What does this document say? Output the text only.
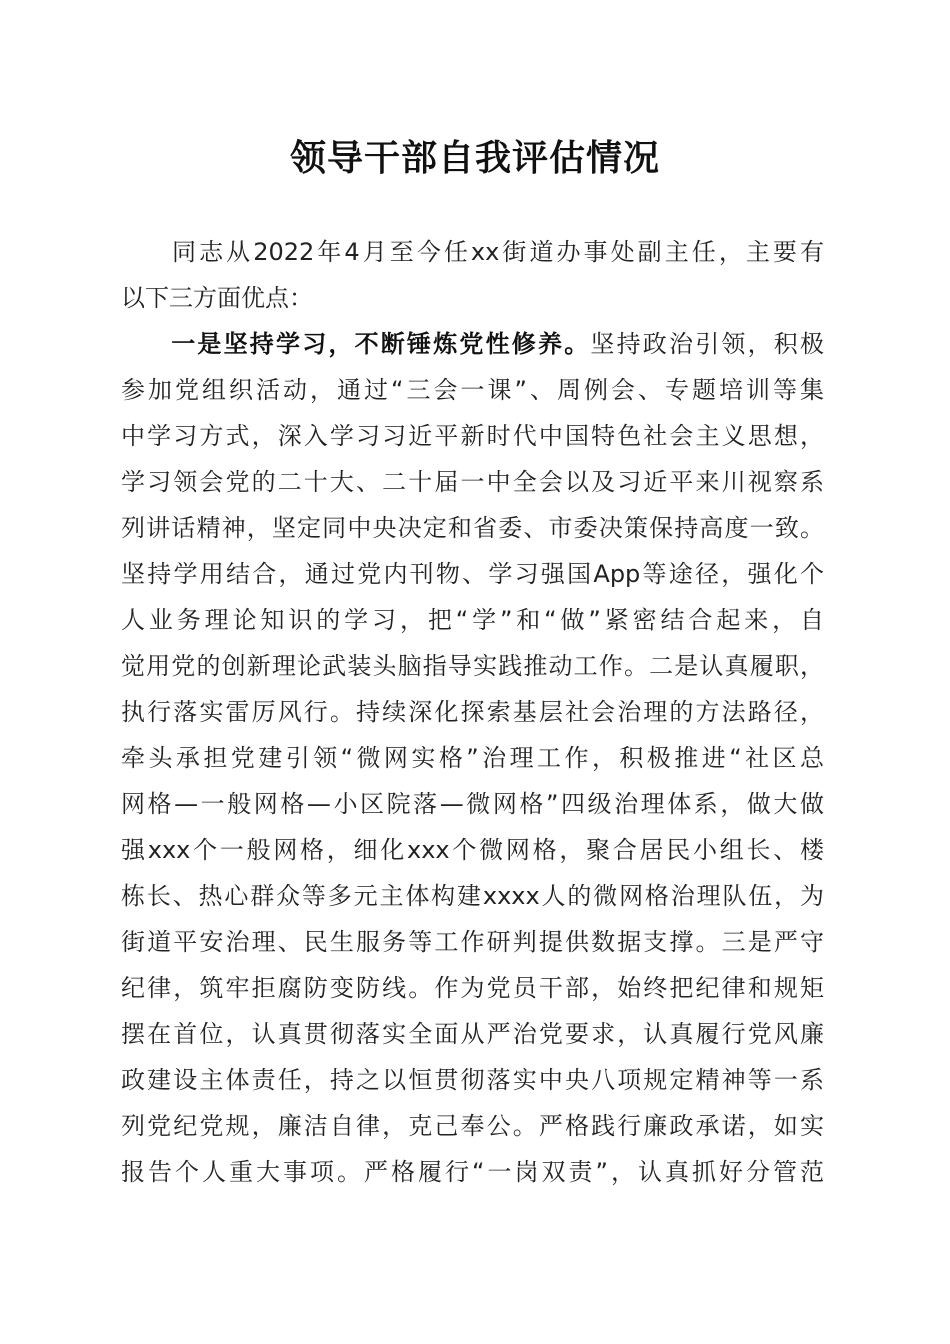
领导干部自我评估情况
同志从2022年4月至今任xx街道办事处副主任，主要有
以下三方面优点：
一是坚持学习，不断锤炼党性修养。坚持政治引领，积极
参加党组织活动，通过“三会一课”、周例会、专题培训等集
中学习方式，深入学习习近平新时代中国特色社会主义思想，
学习领会党的二十大、二十届一中全会以及习近平来川视察系
列讲话精神，坚定同中央决定和省委、市委决策保持高度一致。
坚持学用结合，通过党内刊物、学习强国App等途径，强化个
人业务理论知识的学习，把“学”和“做”紧密结合起来，自
觉用党的创新理论武装头脑指导实践推动工作。二是认真履职，
执行落实雷厉风行。持续深化探索基层社会治理的方法路径，
牵头承担党建引领“微网实格”治理工作，积极推进“社区总
网格—一般网格—小区院落—微网格”四级治理体系，做大做
强xxx个一般网格，细化xxx个微网格，聚合居民小组长、楼
栋长、热心群众等多元主体构建xxxx人的微网格治理队伍，为
街道平安治理、民生服务等工作研判提供数据支撑。三是严守
纪律，筑牢拒腐防变防线。作为党员干部，始终把纪律和规矩
摆在首位，认真贯彻落实全面从严治党要求，认真履行党风廉
政建设主体责任，持之以恒贯彻落实中央八项规定精神等一系
列党纪党规，廉洁自律，克己奉公。严格践行廉政承诺，如实
报告个人重大事项。严格履行“一岗双责”，认真抓好分管范
